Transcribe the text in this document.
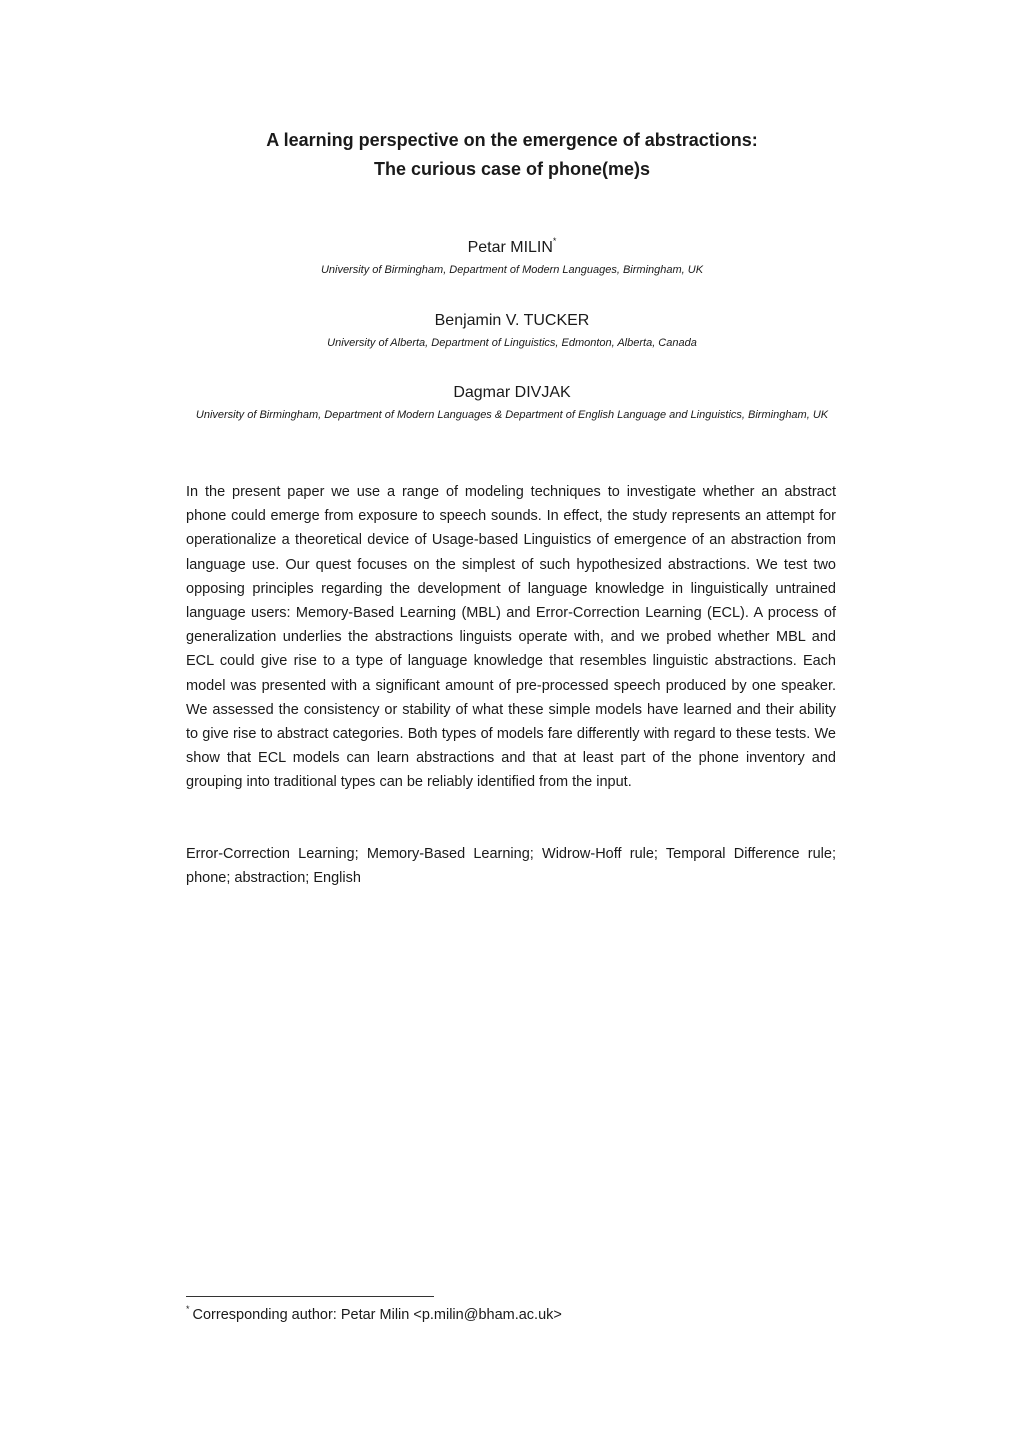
A learning perspective on the emergence of abstractions:
The curious case of phone(me)s
Petar MILIN*
University of Birmingham, Department of Modern Languages, Birmingham, UK
Benjamin V. TUCKER
University of Alberta, Department of Linguistics, Edmonton, Alberta, Canada
Dagmar DIVJAK
University of Birmingham, Department of Modern Languages & Department of English Language and Linguistics, Birmingham, UK

In the present paper we use a range of modeling techniques to investigate whether an abstract phone could emerge from exposure to speech sounds. In effect, the study represents an attempt for operationalize a theoretical device of Usage-based Linguistics of emergence of an abstraction from language use. Our quest focuses on the simplest of such hypothesized abstractions. We test two opposing principles regarding the development of language knowledge in linguistically untrained language users: Memory-Based Learning (MBL) and Error-Correction Learning (ECL). A process of generalization underlies the abstractions linguists operate with, and we probed whether MBL and ECL could give rise to a type of language knowledge that resembles linguistic abstractions. Each model was presented with a significant amount of pre-processed speech produced by one speaker. We assessed the consistency or stability of what these simple models have learned and their ability to give rise to abstract categories. Both types of models fare differently with regard to these tests. We show that ECL models can learn abstractions and that at least part of the phone inventory and grouping into traditional types can be reliably identified from the input.

Error-Correction Learning; Memory-Based Learning; Widrow-Hoff rule; Temporal Difference rule; phone; abstraction; English

* Corresponding author: Petar Milin <p.milin@bham.ac.uk>
